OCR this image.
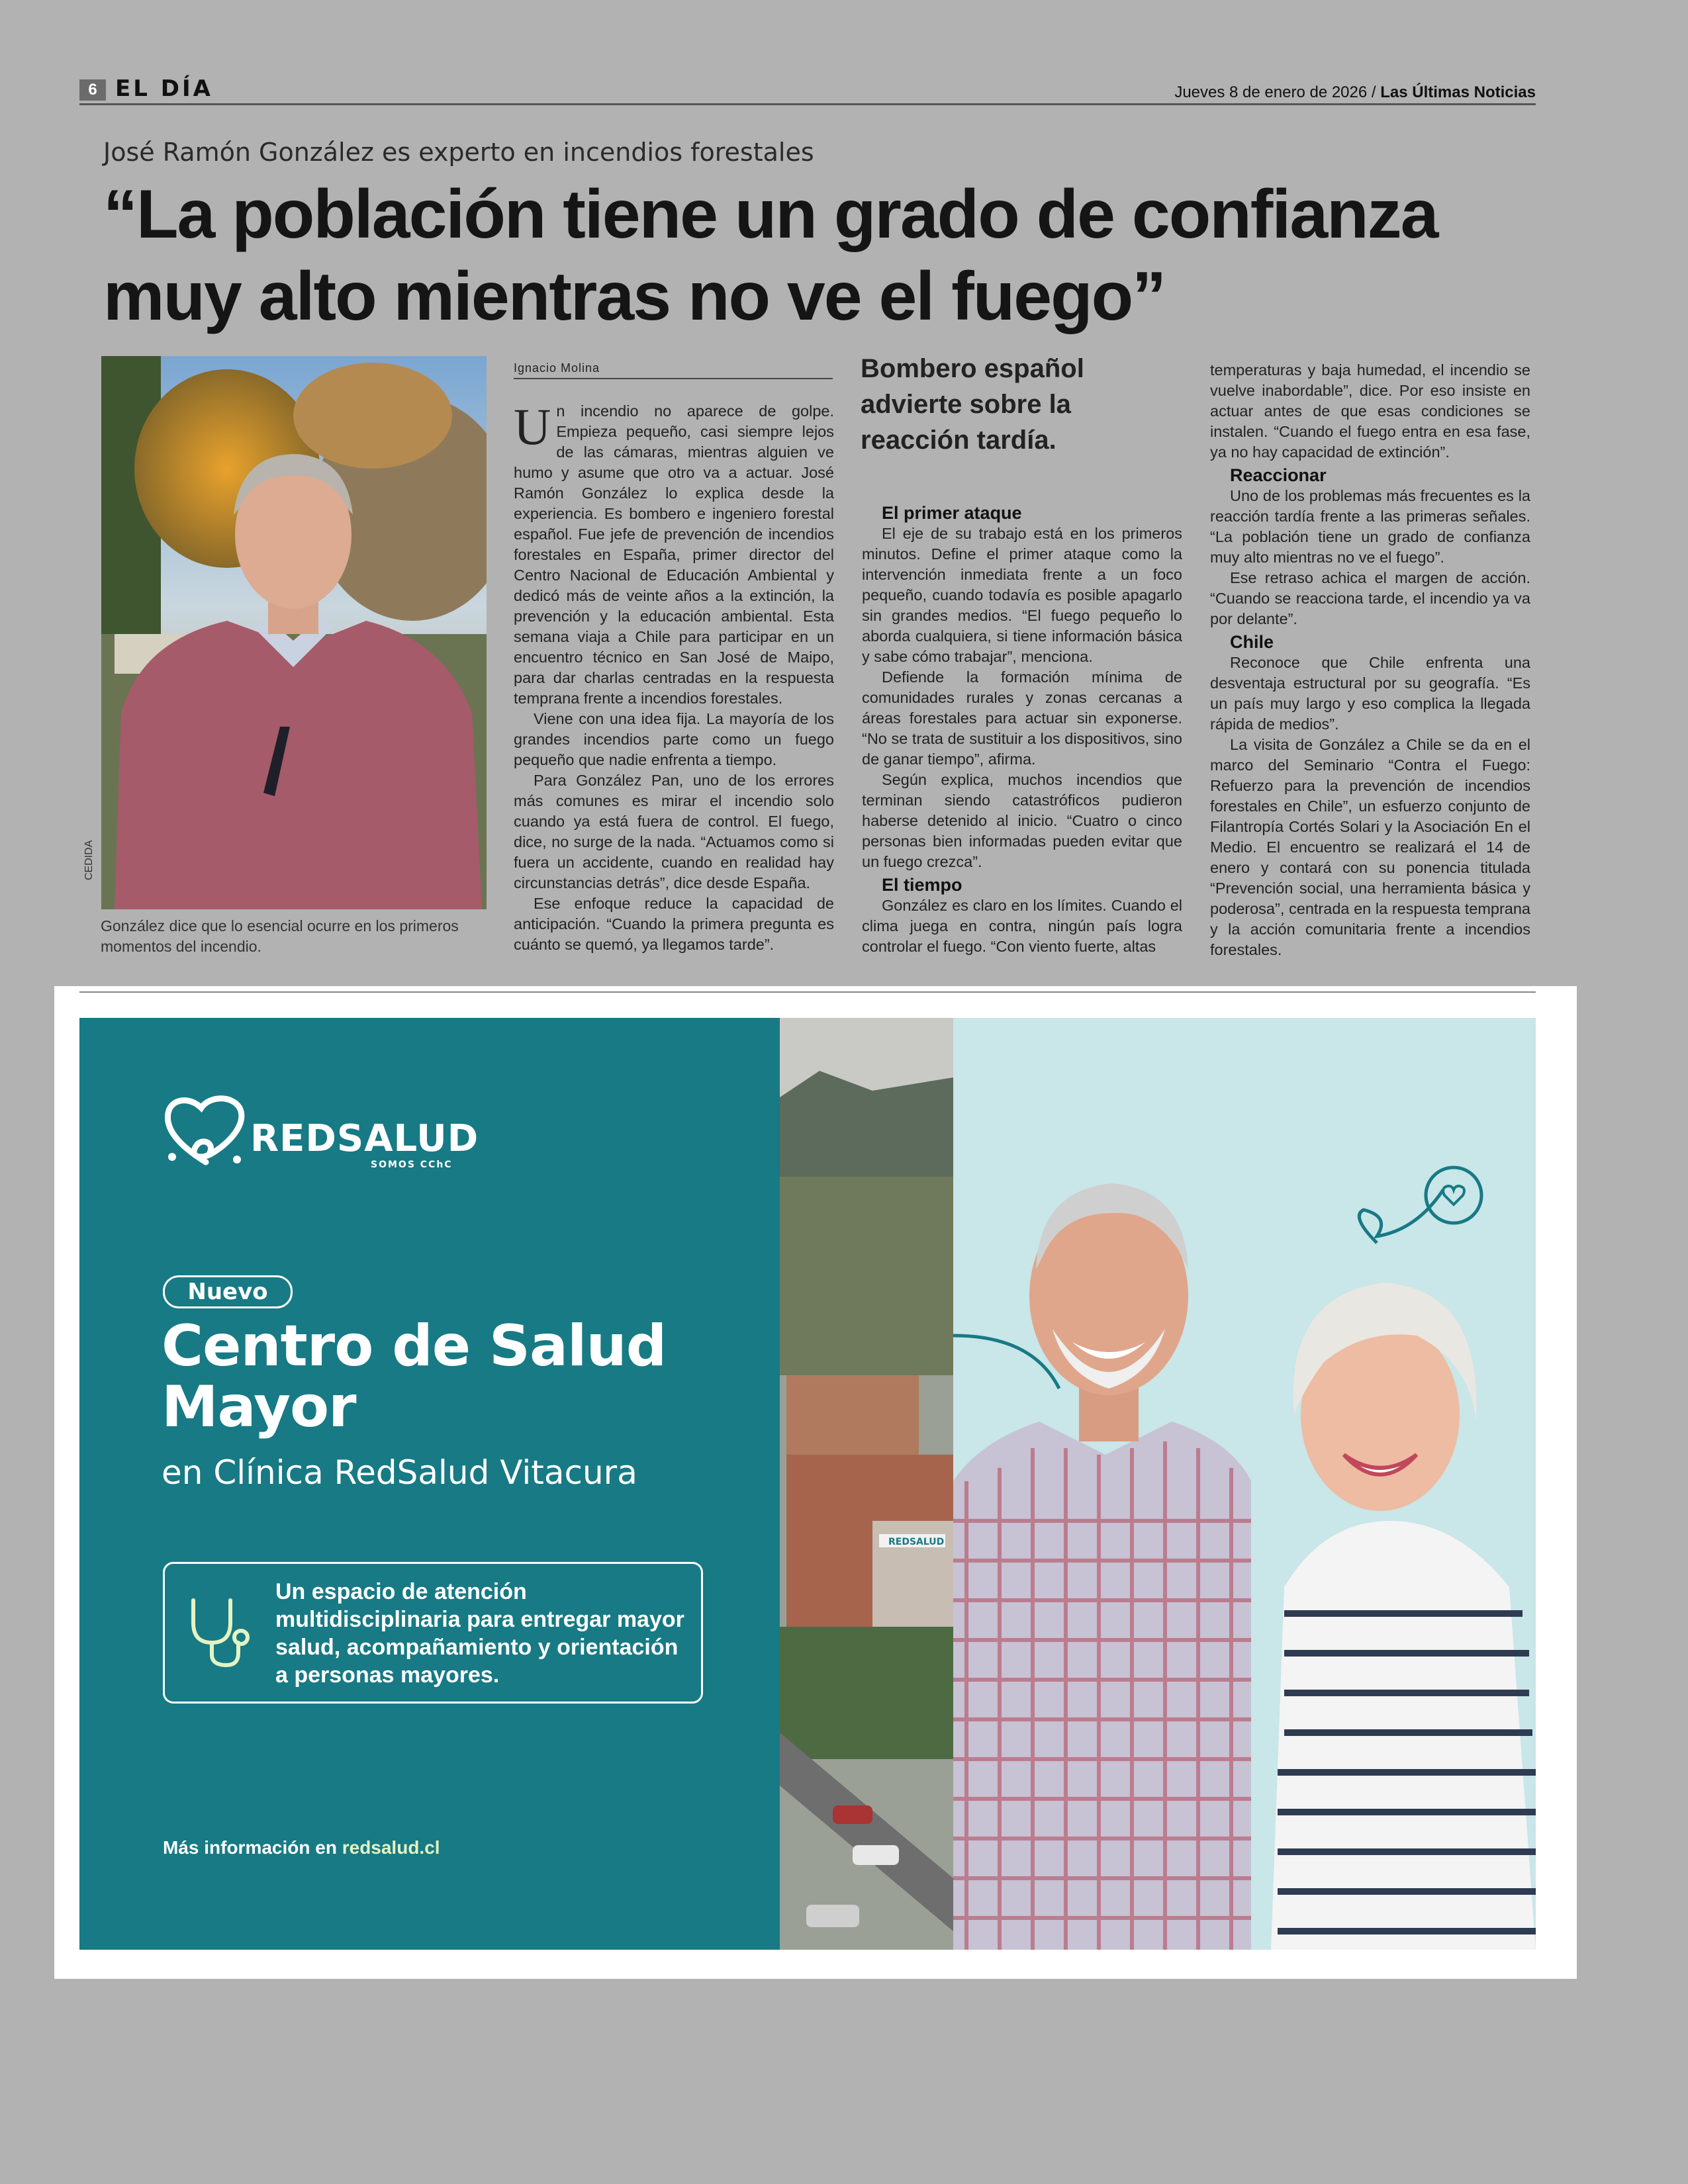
6 EL DÍA	Jueves 8 de enero de 2026 / Las Últimas Noticias
José Ramón González es experto en incendios forestales
“La población tiene un grado de confianza muy alto mientras no ve el fuego”
CEDIDA
González dice que lo esencial ocurre en los primeros momentos del incendio.
Ignacio Molina
U n incendio no aparece de golpe. Empieza pequeño, casi siempre lejos de las cámaras, mientras alguien ve humo y asume que otro va a actuar. José Ramón González lo explica desde la experiencia. Es bombero e ingeniero forestal español. Fue jefe de prevención de incendios forestales en España, primer director del Centro Nacional de Educación Ambiental y dedicó más de veinte años a la extinción, la prevención y la educación ambiental. Esta semana viaja a Chile para participar en un encuentro técnico en San José de Maipo, para dar charlas centradas en la respuesta temprana frente a incendios forestales.

Viene con una idea fija. La mayoría de los grandes incendios parte como un fuego pequeño que nadie enfrenta a tiempo.

Para González Pan, uno de los errores más comunes es mirar el incendio solo cuando ya está fuera de control. El fuego, dice, no surge de la nada. “Actuamos como si fuera un accidente, cuando en realidad hay circunstancias detrás”, dice desde España.

Ese enfoque reduce la capacidad de anticipación. “Cuando la primera pregunta es cuánto se quemó, ya llegamos tarde”.

Bombero español advierte sobre la reacción tardía.
El primer ataque

El eje de su trabajo está en los primeros minutos. Define el primer ataque como la intervención inmediata frente a un foco pequeño, cuando todavía es posible apagarlo sin grandes medios. “El fuego pequeño lo aborda cualquiera, si tiene información básica y sabe cómo trabajar”, menciona.

Defiende la formación mínima de comunidades rurales y zonas cercanas a áreas forestales para actuar sin exponerse. “No se trata de sustituir a los dispositivos, sino de ganar tiempo”, afirma.

Según explica, muchos incendios que terminan siendo catastróficos pudieron haberse detenido al inicio. “Cuatro o cinco personas bien informadas pueden evitar que un fuego crezca”.

El tiempo

González es claro en los límites. Cuando el clima juega en contra, ningún país logra controlar el fuego. “Con viento fuerte, altas

temperaturas y baja humedad, el incendio se vuelve inabordable”, dice. Por eso insiste en actuar antes de que esas condiciones se instalen. “Cuando el fuego entra en esa fase, ya no hay capacidad de extinción”.

Reaccionar

Uno de los problemas más frecuentes es la reacción tardía frente a las primeras señales. “La población tiene un grado de confianza muy alto mientras no ve el fuego”.

Ese retraso achica el margen de acción. “Cuando se reacciona tarde, el incendio ya va por delante”.

Chile

Reconoce que Chile enfrenta una desventaja estructural por su geografía. “Es un país muy largo y eso complica la llegada rápida de medios”.

La visita de González a Chile se da en el marco del Seminario “Contra el Fuego: Refuerzo para la prevención de incendios forestales en Chile”, un esfuerzo conjunto de Filantropía Cortés Solari y la Asociación En el Medio. El encuentro se realizará el 14 de enero y contará con su ponencia titulada “Prevención social, una herramienta básica y poderosa”, centrada en la respuesta temprana y la acción comunitaria frente a incendios forestales.

REDSALUD
REDSALUD
SOMOS CChC
Nuevo
Centro de Salud Mayor
en Clínica RedSalud Vitacura
Un espacio de atención multidisciplinaria para entregar mayor salud, acompañamiento y orientación a personas mayores.
Más información en redsalud.cl
